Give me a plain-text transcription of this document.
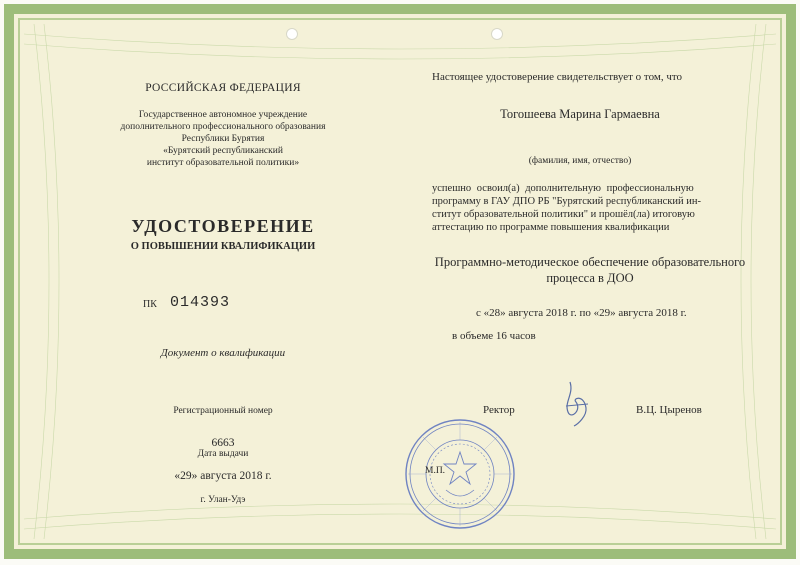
РОССИЙСКАЯ ФЕДЕРАЦИЯ
Государственное автономное учреждение
дополнительного профессионального образования
Республики Бурятия
«Бурятский республиканский
институт образовательной политики»
УДОСТОВЕРЕНИЕ
О ПОВЫШЕНИИ КВАЛИФИКАЦИИ
ПК 014393
Документ о квалификации
Регистрационный номер
6663
Дата выдачи
«29» августа 2018 г.
г. Улан-Удэ
Настоящее удостоверение свидетельствует о том, что
Тогошеева Марина Гармаевна
(фамилия, имя, отчество)
успешно освоил(а) дополнительную профессиональную
программу в ГАУ ДПО РБ "Бурятский республиканский ин-
ститут образовательной политики" и прошёл(ла) итоговую
аттестацию по программе повышения квалификации
Программно-методическое обеспечение образовательного
процесса в ДОО
с «28» августа 2018 г. по «29» августа 2018 г.
в объеме 16 часов
Ректор	В.Ц. Цыренов
М.П.
